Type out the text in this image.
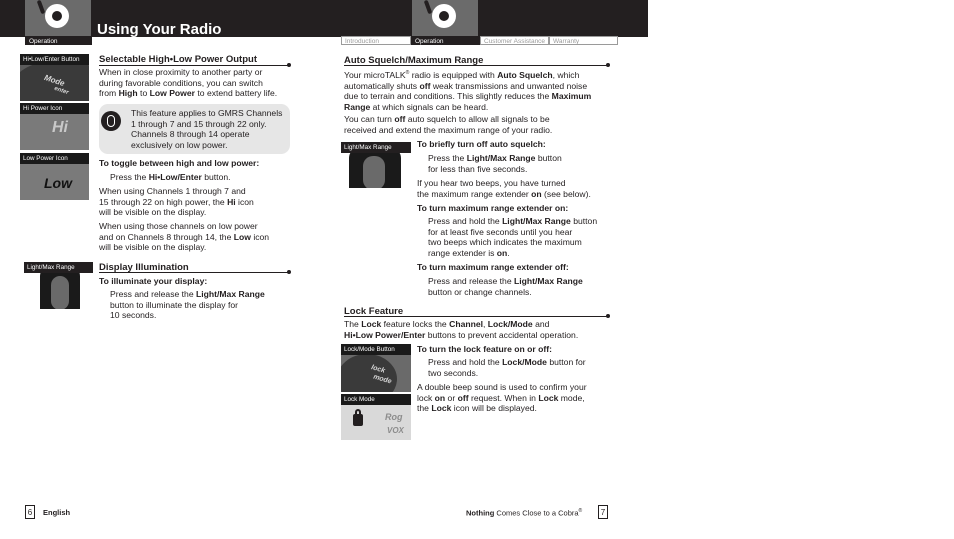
Using Your Radio
Operation	Introduction	Operation	Customer Assistance	Warranty
Mode
enter
Hi•Low/Enter Button
Hi
Hi Power Icon
Low
Low Power Icon
Light/Max Range
Selectable High•Low Power Output

When in close proximity to another party or

during favorable conditions, you can switch

from High to Low Power to extend battery life.

This feature applies to GMRS Channels

1 through 7 and 15 through 22 only.

Channels 8 through 14 operate

exclusively on low power.

To toggle between high and low power:

Press the Hi•Low/Enter button.

When using Channels 1 through 7 and

15 through 22 on high power, the Hi icon

will be visible on the display.

When using those channels on low power

and on Channels 8 through 14, the Low icon

will be visible on the display.

Display Illumination
To illuminate your display:

Press and release the Light/Max Range

button to illuminate the display for

10 seconds.

Auto Squelch/Maximum Range

Your microTALK® radio is equipped with Auto Squelch, which

automatically shuts off weak transmissions and unwanted noise

due to terrain and conditions. This slightly reduces the Maximum

Range at which signals can be heard.

You can turn off auto squelch to allow all signals to be

received and extend the maximum range of your radio.

Light/Max Range	To briefly turn off auto squelch:

Press the Light/Max Range button

for less than five seconds.

If you hear two beeps, you have turned

the maximum range extender on (see below).

To turn maximum range extender on:

Press and hold the Light/Max Range button

for at least five seconds until you hear

two beeps which indicates the maximum

range extender is on.

To turn maximum range extender off:

Press and release the Light/Max Range

button or change channels.

Lock Feature

The Lock feature locks the Channel, Lock/Mode and

Hi•Low Power/Enter buttons to prevent accidental operation.

lock
mode
Lock/Mode Button
Rog
VOX
Lock Mode
To turn the lock feature on or off:

Press and hold the Lock/Mode button for

two seconds.

A double beep sound is used to confirm your

lock on or off request. When in Lock mode,

the Lock icon will be displayed.

6	English	Nothing Comes Close to a Cobra®	7
